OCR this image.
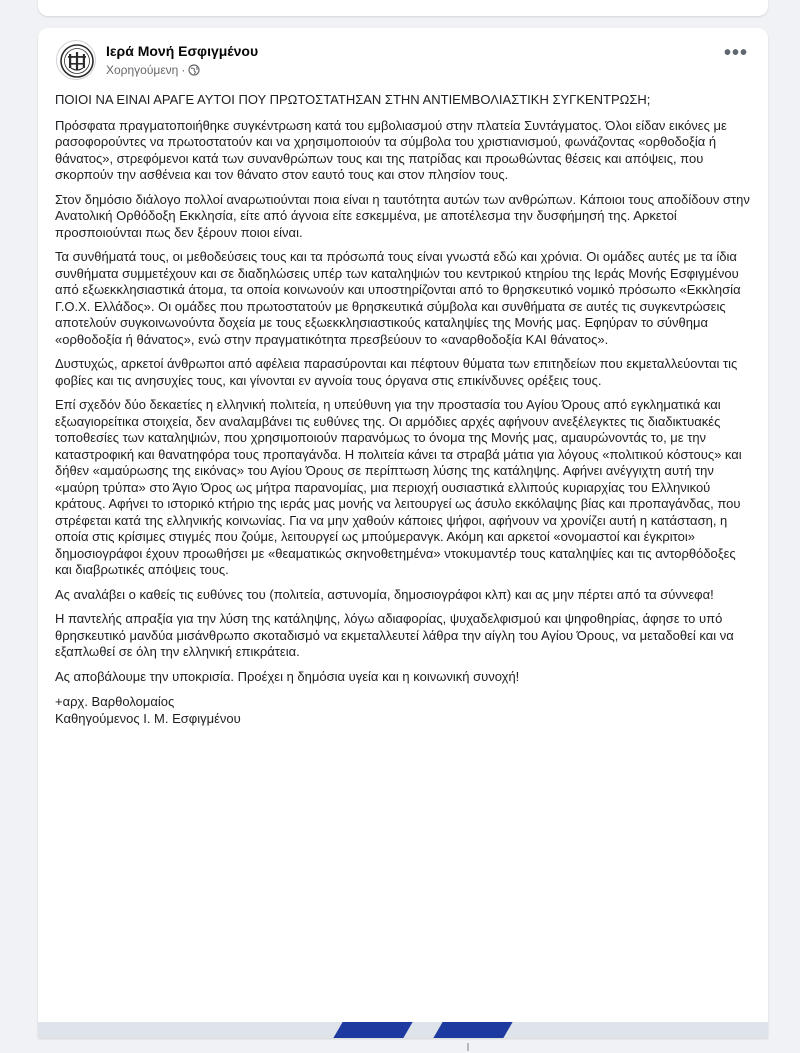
Ιερά Μονή Εσφιγμένου
Χορηγούμενη ·
•••

ΠΟΙΟΙ ΝΑ ΕΙΝΑΙ ΑΡΑΓΕ ΑΥΤΟΙ ΠΟΥ ΠΡΩΤΟΣΤΑΤΗΣΑΝ ΣΤΗΝ ΑΝΤΙΕΜΒΟΛΙΑΣΤΙΚΗ ΣΥΓΚΕΝΤΡΩΣΗ;

Πρόσφατα πραγματοποιήθηκε συγκέντρωση κατά του εμβολιασμού στην πλατεία Συντάγματος. Όλοι είδαν εικόνες με ρασοφορούντες να πρωτοστατούν και να χρησιμοποιούν τα σύμβολα του χριστιανισμού, φωνάζοντας «ορθοδοξία ή θάνατος», στρεφόμενοι κατά των συνανθρώπων τους και της πατρίδας και προωθώντας θέσεις και απόψεις, που σκορπούν την ασθένεια και τον θάνατο στον εαυτό τους και στον πλησίον τους.

Στον δημόσιο διάλογο πολλοί αναρωτιούνται ποια είναι η ταυτότητα αυτών των ανθρώπων. Κάποιοι τους αποδίδουν στην Ανατολική Ορθόδοξη Εκκλησία, είτε από άγνοια είτε εσκεμμένα, με αποτέλεσμα την δυσφήμησή της. Αρκετοί προσποιούνται πως δεν ξέρουν ποιοι είναι.

Τα συνθήματά τους, οι μεθοδεύσεις τους και τα πρόσωπά τους είναι γνωστά εδώ και χρόνια. Οι ομάδες αυτές με τα ίδια συνθήματα συμμετέχουν και σε διαδηλώσεις υπέρ των καταληψιών του κεντρικού κτηρίου της Ιεράς Μονής Εσφιγμένου από εξωεκκλησιαστικά άτομα, τα οποία κοινωνούν και υποστηρίζονται από το θρησκευτικό νομικό πρόσωπο «Εκκλησία Γ.Ο.Χ. Ελλάδος». Οι ομάδες που πρωτοστατούν με θρησκευτικά σύμβολα και συνθήματα σε αυτές τις συγκεντρώσεις αποτελούν συγκοινωνούντα δοχεία με τους εξωεκκλησιαστικούς καταληψίες της Μονής μας. Εφηύραν το σύνθημα «ορθοδοξία ή θάνατος», ενώ στην πραγματικότητα πρεσβεύουν το «αναρθοδοξία ΚΑΙ θάνατος».

Δυστυχώς, αρκετοί άνθρωποι από αφέλεια παρασύρονται και πέφτουν θύματα των επιτηδείων που εκμεταλλεύονται τις φοβίες και τις ανησυχίες τους, και γίνονται εν αγνοία τους όργανα στις επικίνδυνες ορέξεις τους.

Επί σχεδόν δύο δεκαετίες η ελληνική πολιτεία, η υπεύθυνη για την προστασία του Αγίου Όρους από εγκληματικά και εξωαγιορείτικα στοιχεία, δεν αναλαμβάνει τις ευθύνες της. Οι αρμόδιες αρχές αφήνουν ανεξέλεγκτες τις διαδικτυακές τοποθεσίες των καταληψιών, που χρησιμοποιούν παρανόμως το όνομα της Μονής μας, αμαυρώνοντάς το, με την καταστροφική και θανατηφόρα τους προπαγάνδα. Η πολιτεία κάνει τα στραβά μάτια για λόγους «πολιτικού κόστους» και δήθεν «αμαύρωσης της εικόνας» του Αγίου Όρους σε περίπτωση λύσης της κατάληψης. Αφήνει ανέγγιχτη αυτή την «μαύρη τρύπα» στο Άγιο Όρος ως μήτρα παρανομίας, μια περιοχή ουσιαστικά ελλιπούς κυριαρχίας του Ελληνικού κράτους. Αφήνει το ιστορικό κτήριο της ιεράς μας μονής να λειτουργεί ως άσυλο εκκόλαψης βίας και προπαγάνδας, που στρέφεται κατά της ελληνικής κοινωνίας. Για να μην χαθούν κάποιες ψήφοι, αφήνουν να χρονίζει αυτή η κατάσταση, η οποία στις κρίσιμες στιγμές που ζούμε, λειτουργεί ως μπούμερανγκ. Ακόμη και αρκετοί «ονομαστοί και έγκριτοι» δημοσιογράφοι έχουν προωθήσει με «θεαματικώς σκηνοθετημένα» ντοκυμαντέρ τους καταληψίες και τις αντορθόδοξες και διαβρωτικές απόψεις τους.

Ας αναλάβει ο καθείς τις ευθύνες του (πολιτεία, αστυνομία, δημοσιογράφοι κλπ) και ας μην πέρτει από τα σύννεφα!

Η παντελής απραξία για την λύση της κατάληψης, λόγω αδιαφορίας, ψυχαδελφισμού και ψηφοθηρίας, άφησε το υπό θρησκευτικό μανδύα μισάνθρωπο σκοταδισμό να εκμεταλλευτεί λάθρα την αίγλη του Αγίου Όρους, να μεταδοθεί και να εξαπλωθεί σε όλη την ελληνική επικράτεια.

Ας αποβάλουμε την υποκρισία. Προέχει η δημόσια υγεία και η κοινωνική συνοχή!

+αρχ. Βαρθολομαίος
Καθηγούμενος Ι. Μ. Εσφιγμένου
